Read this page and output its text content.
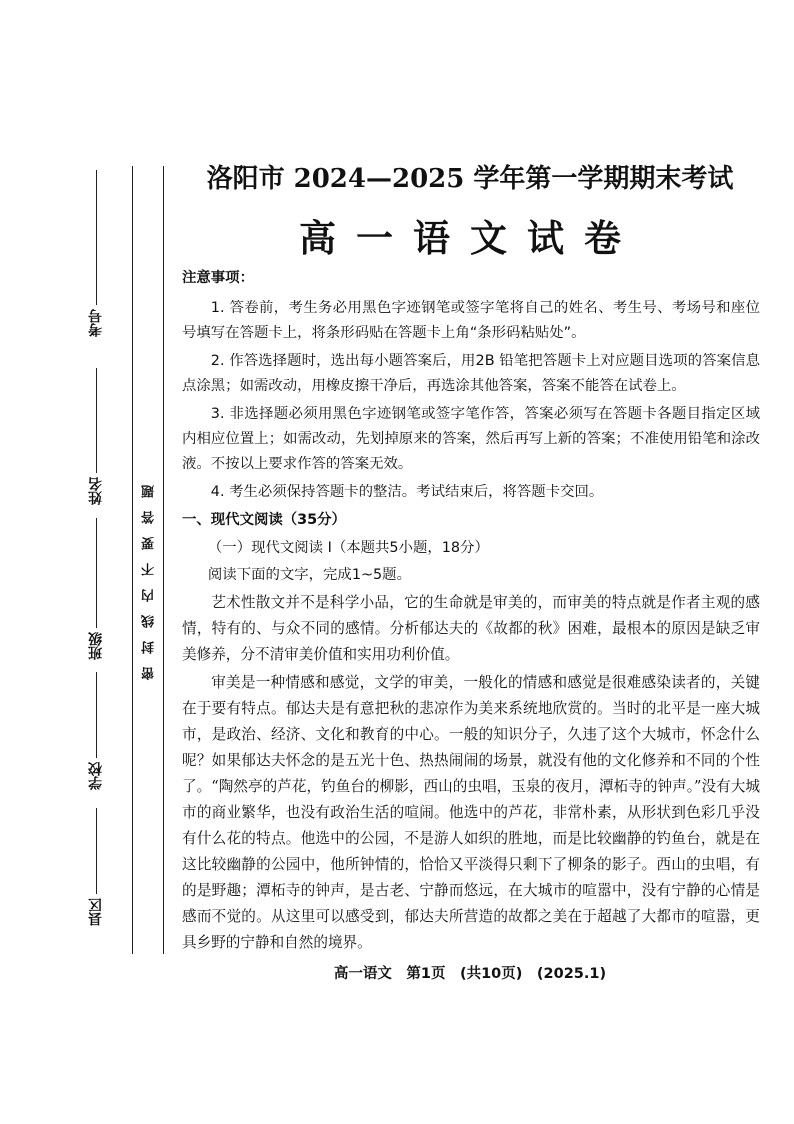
考号
姓名
班级
学校
县区
密封线内不要答题
洛阳市 2024—2025 学年第一学期期末考试
高一语文试卷

注意事项：

1. 答卷前，考生务必用黑色字迹钢笔或签字笔将自己的姓名、考生号、考场号和座位号填写在答题卡上，将条形码贴在答题卡上角“条形码粘贴处”。

2. 作答选择题时，选出每小题答案后，用2B 铅笔把答题卡上对应题目选项的答案信息点涂黑；如需改动，用橡皮擦干净后，再选涂其他答案，答案不能答在试卷上。

3. 非选择题必须用黑色字迹钢笔或签字笔作答，答案必须写在答题卡各题目指定区域内相应位置上；如需改动，先划掉原来的答案，然后再写上新的答案；不准使用铅笔和涂改液。不按以上要求作答的答案无效。

4. 考生必须保持答题卡的整洁。考试结束后，将答题卡交回。

一、现代文阅读（35分）

（一）现代文阅读 I（本题共5小题，18分）

阅读下面的文字，完成1~5题。

艺术性散文并不是科学小品，它的生命就是审美的，而审美的特点就是作者主观的感情，特有的、与众不同的感情。分析郁达夫的《故都的秋》困难，最根本的原因是缺乏审美修养，分不清审美价值和实用功利价值。

审美是一种情感和感觉，文学的审美，一般化的情感和感觉是很难感染读者的，关键在于要有特点。郁达夫是有意把秋的悲凉作为美来系统地欣赏的。当时的北平是一座大城市，是政治、经济、文化和教育的中心。一般的知识分子，久违了这个大城市，怀念什么呢？如果郁达夫怀念的是五光十色、热热闹闹的场景，就没有他的文化修养和不同的个性了。“陶然亭的芦花，钓鱼台的柳影，西山的虫唱，玉泉的夜月，潭柘寺的钟声。”没有大城市的商业繁华，也没有政治生活的喧闹。他选中的芦花，非常朴素，从形状到色彩几乎没有什么花的特点。他选中的公园，不是游人如织的胜地，而是比较幽静的钓鱼台，就是在这比较幽静的公园中，他所钟情的，恰恰又平淡得只剩下了柳条的影子。西山的虫唱，有的是野趣；潭柘寺的钟声，是古老、宁静而悠远，在大城市的喧嚣中，没有宁静的心情是感而不觉的。从这里可以感受到，郁达夫所营造的故都之美在于超越了大都市的喧嚣，更具乡野的宁静和自然的境界。

高一语文　第1页　(共10页)　(2025.1)
